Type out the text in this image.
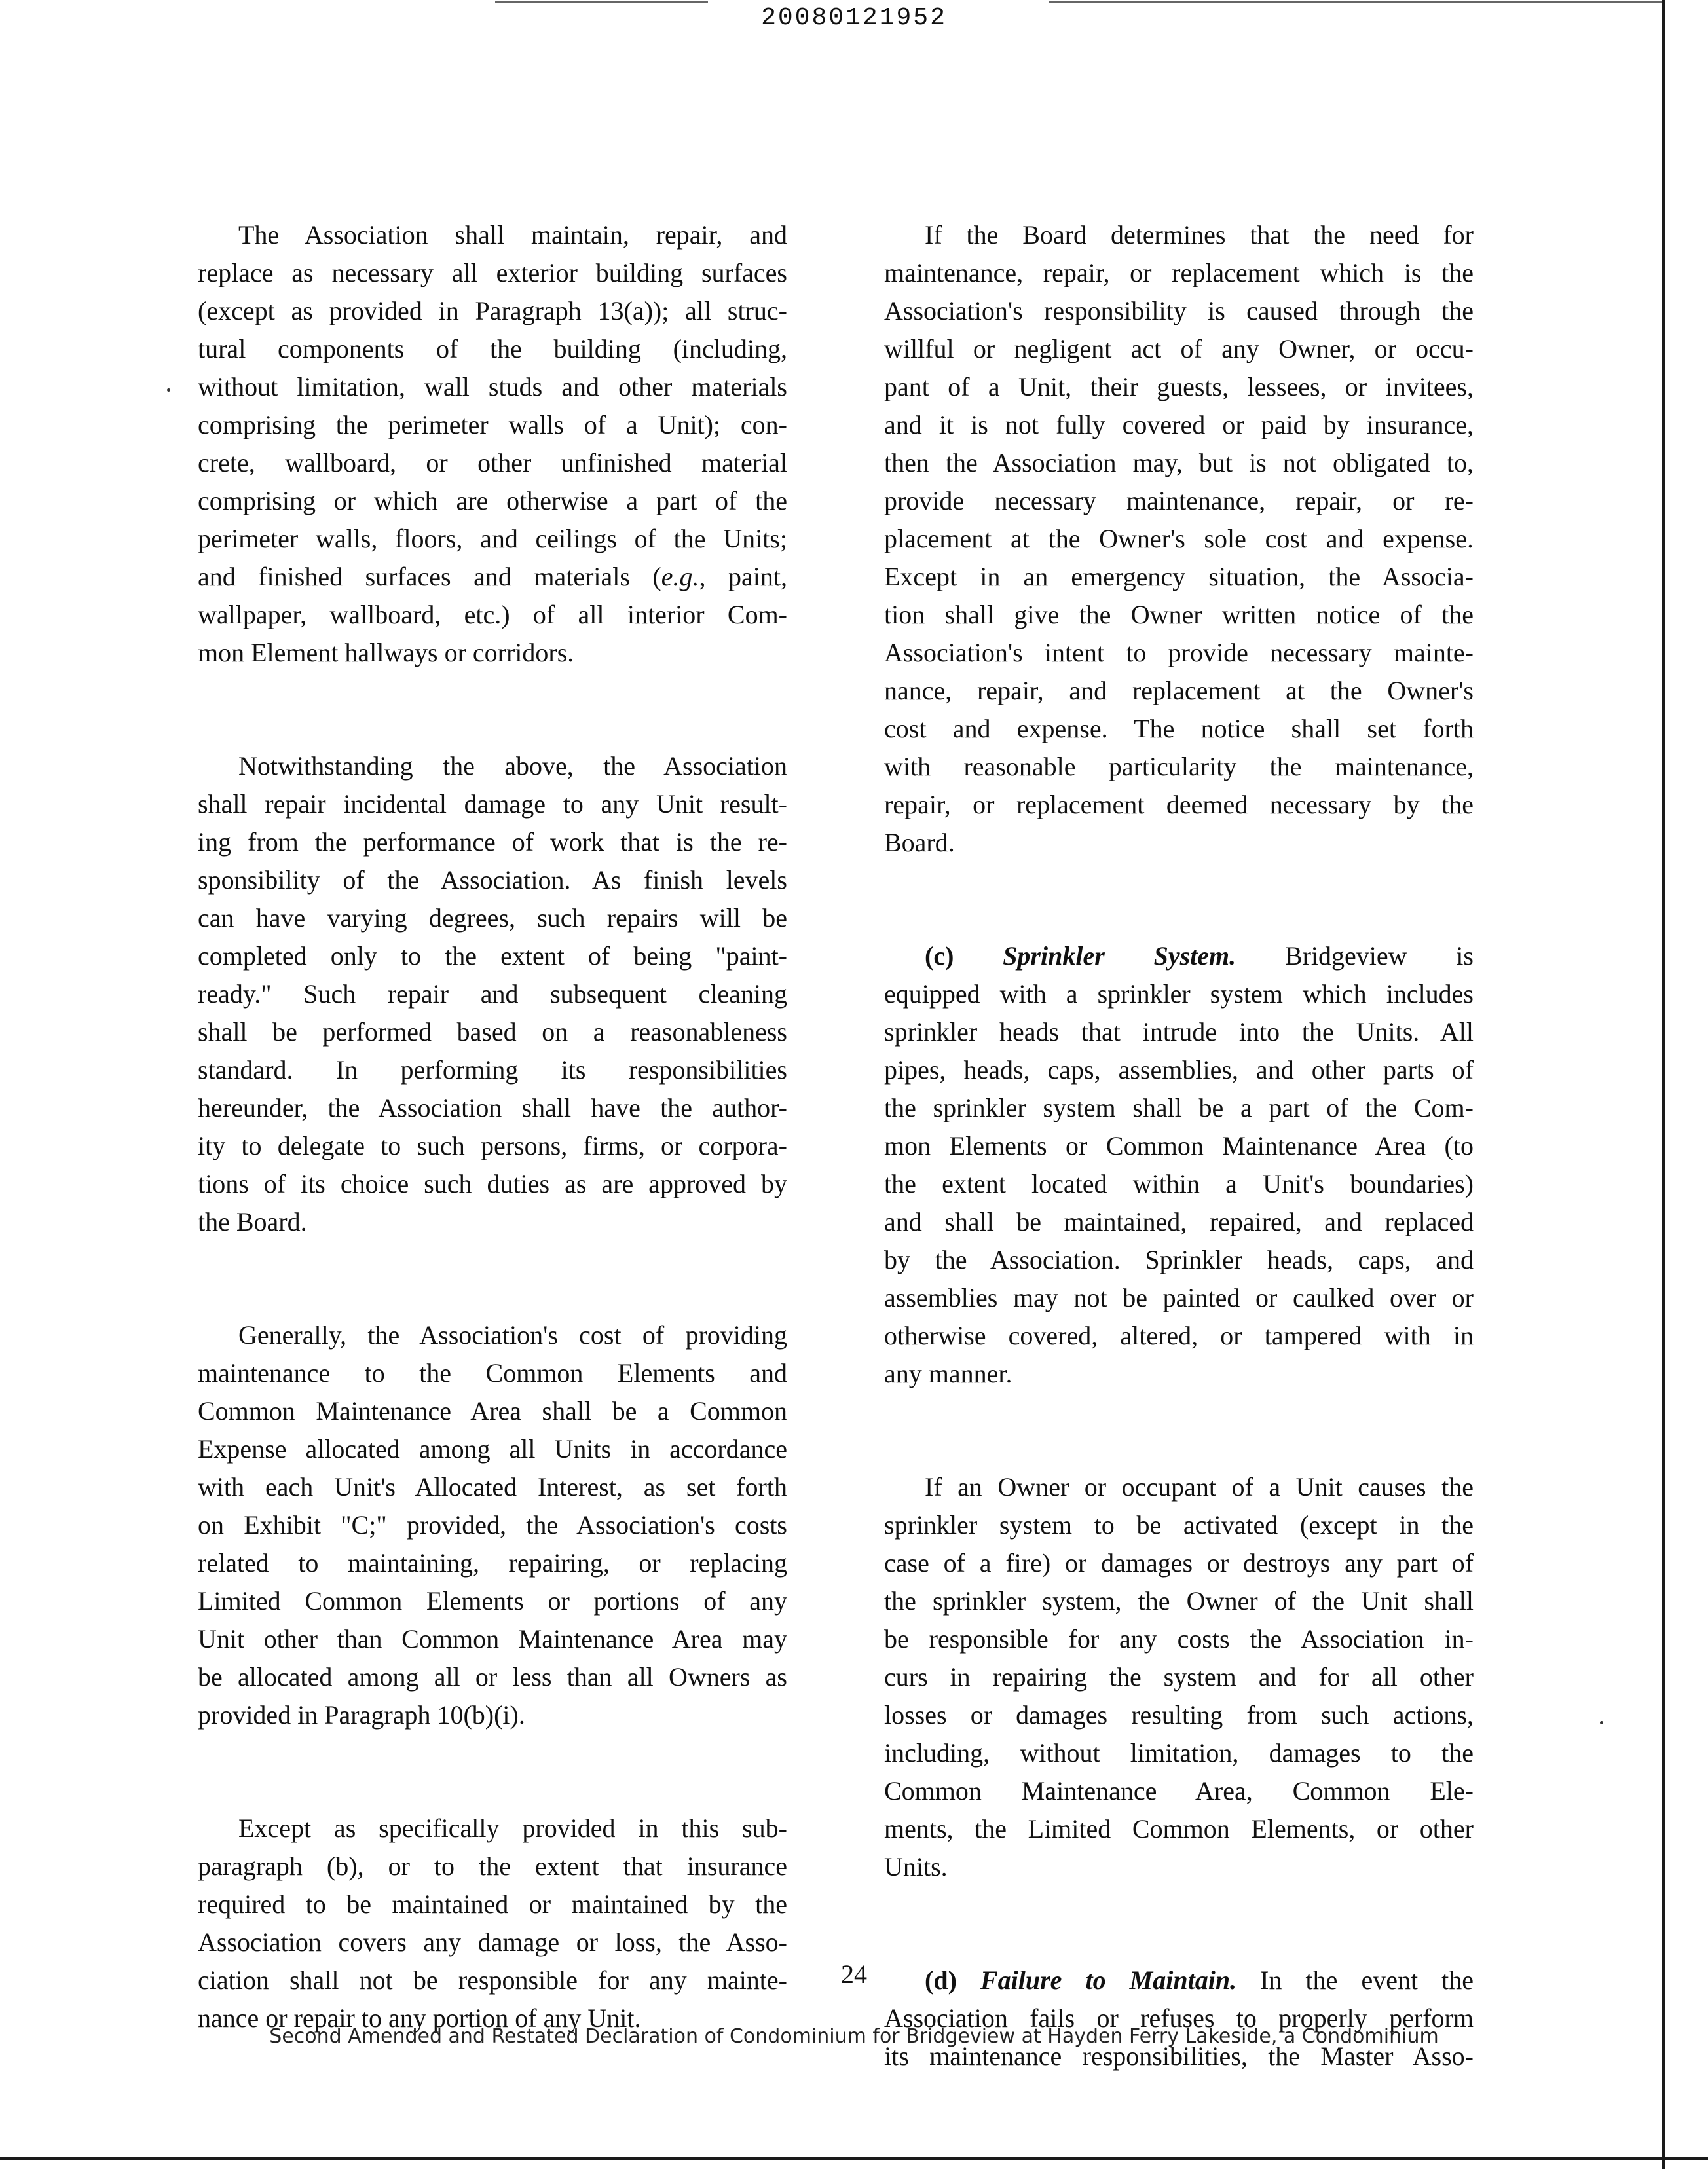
20080121952
The Association shall maintain, repair, and
replace as necessary all exterior building surfaces
(except as provided in Paragraph 13(a)); all struc-
tural components of the building (including,
without limitation, wall studs and other materials
comprising the perimeter walls of a Unit); con-
crete, wallboard, or other unfinished material
comprising or which are otherwise a part of the
perimeter walls, floors, and ceilings of the Units;
and finished surfaces and materials (e.g., paint,
wallpaper, wallboard, etc.) of all interior Com-
mon Element hallways or corridors.
Notwithstanding the above, the Association
shall repair incidental damage to any Unit result-
ing from the performance of work that is the re-
sponsibility of the Association. As finish levels
can have varying degrees, such repairs will be
completed only to the extent of being "paint-
ready." Such repair and subsequent cleaning
shall be performed based on a reasonableness
standard. In performing its responsibilities
hereunder, the Association shall have the author-
ity to delegate to such persons, firms, or corpora-
tions of its choice such duties as are approved by
the Board.
Generally, the Association's cost of providing
maintenance to the Common Elements and
Common Maintenance Area shall be a Common
Expense allocated among all Units in accordance
with each Unit's Allocated Interest, as set forth
on Exhibit "C;" provided, the Association's costs
related to maintaining, repairing, or replacing
Limited Common Elements or portions of any
Unit other than Common Maintenance Area may
be allocated among all or less than all Owners as
provided in Paragraph 10(b)(i).
Except as specifically provided in this sub-
paragraph (b), or to the extent that insurance
required to be maintained or maintained by the
Association covers any damage or loss, the Asso-
ciation shall not be responsible for any mainte-
nance or repair to any portion of any Unit.
If the Board determines that the need for
maintenance, repair, or replacement which is the
Association's responsibility is caused through the
willful or negligent act of any Owner, or occu-
pant of a Unit, their guests, lessees, or invitees,
and it is not fully covered or paid by insurance,
then the Association may, but is not obligated to,
provide necessary maintenance, repair, or re-
placement at the Owner's sole cost and expense.
Except in an emergency situation, the Associa-
tion shall give the Owner written notice of the
Association's intent to provide necessary mainte-
nance, repair, and replacement at the Owner's
cost and expense. The notice shall set forth
with reasonable particularity the maintenance,
repair, or replacement deemed necessary by the
Board.
(c) Sprinkler System. Bridgeview is
equipped with a sprinkler system which includes
sprinkler heads that intrude into the Units. All
pipes, heads, caps, assemblies, and other parts of
the sprinkler system shall be a part of the Com-
mon Elements or Common Maintenance Area (to
the extent located within a Unit's boundaries)
and shall be maintained, repaired, and replaced
by the Association. Sprinkler heads, caps, and
assemblies may not be painted or caulked over or
otherwise covered, altered, or tampered with in
any manner.
If an Owner or occupant of a Unit causes the
sprinkler system to be activated (except in the
case of a fire) or damages or destroys any part of
the sprinkler system, the Owner of the Unit shall
be responsible for any costs the Association in-
curs in repairing the system and for all other
losses or damages resulting from such actions,
including, without limitation, damages to the
Common Maintenance Area, Common Ele-
ments, the Limited Common Elements, or other
Units.
(d) Failure to Maintain. In the event the
Association fails or refuses to properly perform
its maintenance responsibilities, the Master Asso-
24
Second Amended and Restated Declaration of Condominium for Bridgeview at Hayden Ferry Lakeside, a Condominium
